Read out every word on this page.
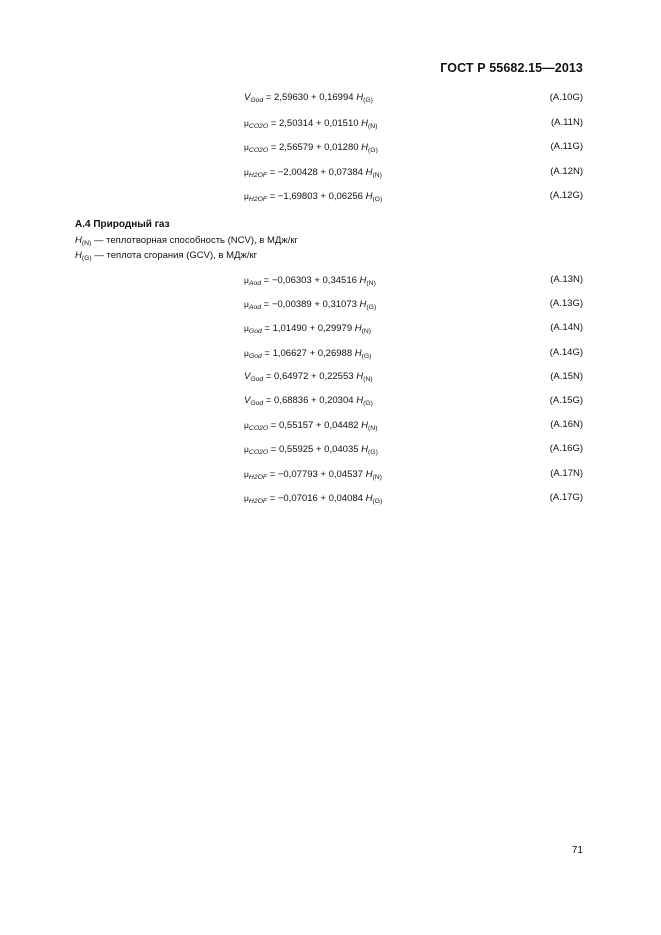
ГОСТ Р 55682.15—2013
$V_{God} = 2,59630 + 0,16994$ $H_{(G)}$	(A.10G)
$\mu_{CO2O} = 2,50314 + 0,01510$ $H_{(N)}$	(A.11N)
$\mu_{CO2O} = 2,56579 + 0,01280$ $H_{(G)}$	(A.11G)
$\mu_{H2OF} = -2,00428 + 0,07384$ $H_{(N)}$	(A.12N)
$\mu_{H2OF} = -1,69803 + 0,06256$ $H_{(G)}$	(A.12G)
А.4 Природный газ
$H_{(N)}$ — теплотворная способность (NCV), в МДж/кг
$H_{(G)}$ — теплота сгорания (GCV), в МДж/кг
$\mu_{Aod} = -0,06303 + 0,34516$ $H_{(N)}$	(A.13N)
$\mu_{Aod} = -0,00389 + 0,31073$ $H_{(G)}$	(A.13G)
$\mu_{God} = 1,01490 + 0,29979$ $H_{(N)}$	(A.14N)
$\mu_{God} = 1,06627 + 0,26988$ $H_{(G)}$	(A.14G)
$V_{God} = 0,64972 + 0,22553$ $H_{(N)}$	(A.15N)
$V_{God} = 0,68836 + 0,20304$ $H_{(G)}$	(A.15G)
$\mu_{CO2O} = 0,55157 + 0,04482$ $H_{(N)}$	(A.16N)
$\mu_{CO2O} = 0,55925 + 0,04035$ $H_{(G)}$	(A.16G)
$\mu_{H2OF} = -0,07793 + 0,04537$ $H_{(N)}$	(A.17N)
$\mu_{H2OF} = -0,07016 + 0,04084$ $H_{(G)}$	(A.17G)
71
